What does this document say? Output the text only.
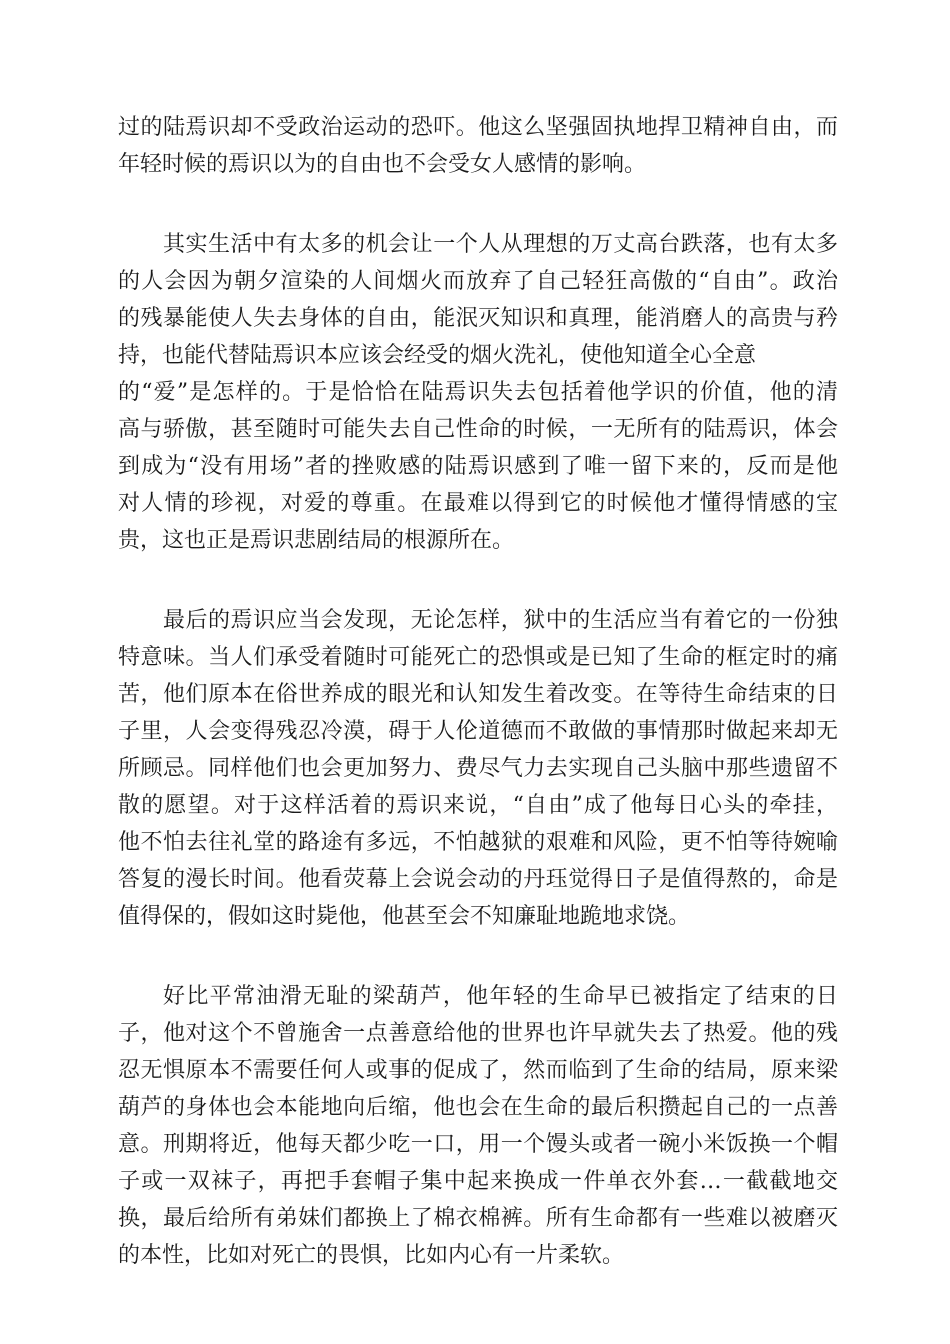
过的陆焉识却不受政治运动的恐吓。他这么坚强固执地捍卫精神自由，而

年轻时候的焉识以为的自由也不会受女人感情的影响。

其实生活中有太多的机会让一个人从理想的万丈高台跌落，也有太多

的人会因为朝夕渲染的人间烟火而放弃了自己轻狂高傲的“自由”。政治

的残暴能使人失去身体的自由，能泯灭知识和真理，能消磨人的高贵与矜

持，也能代替陆焉识本应该会经受的烟火洗礼，使他知道全心全意

的“爱”是怎样的。于是恰恰在陆焉识失去包括着他学识的价值，他的清

高与骄傲，甚至随时可能失去自己性命的时候，一无所有的陆焉识，体会

到成为“没有用场”者的挫败感的陆焉识感到了唯一留下来的，反而是他

对人情的珍视，对爱的尊重。在最难以得到它的时候他才懂得情感的宝

贵，这也正是焉识悲剧结局的根源所在。

最后的焉识应当会发现，无论怎样，狱中的生活应当有着它的一份独

特意味。当人们承受着随时可能死亡的恐惧或是已知了生命的框定时的痛

苦，他们原本在俗世养成的眼光和认知发生着改变。在等待生命结束的日

子里，人会变得残忍冷漠，碍于人伦道德而不敢做的事情那时做起来却无

所顾忌。同样他们也会更加努力、费尽气力去实现自己头脑中那些遗留不

散的愿望。对于这样活着的焉识来说，“自由”成了他每日心头的牵挂，

他不怕去往礼堂的路途有多远，不怕越狱的艰难和风险，更不怕等待婉喻

答复的漫长时间。他看荧幕上会说会动的丹珏觉得日子是值得熬的，命是

值得保的，假如这时毙他，他甚至会不知廉耻地跪地求饶。

好比平常油滑无耻的梁葫芦，他年轻的生命早已被指定了结束的日

子，他对这个不曾施舍一点善意给他的世界也许早就失去了热爱。他的残

忍无惧原本不需要任何人或事的促成了，然而临到了生命的结局，原来梁

葫芦的身体也会本能地向后缩，他也会在生命的最后积攒起自己的一点善

意。刑期将近，他每天都少吃一口，用一个馒头或者一碗小米饭换一个帽

子或一双袜子，再把手套帽子集中起来换成一件单衣外套…一截截地交

换，最后给所有弟妹们都换上了棉衣棉裤。所有生命都有一些难以被磨灭

的本性，比如对死亡的畏惧，比如内心有一片柔软。
